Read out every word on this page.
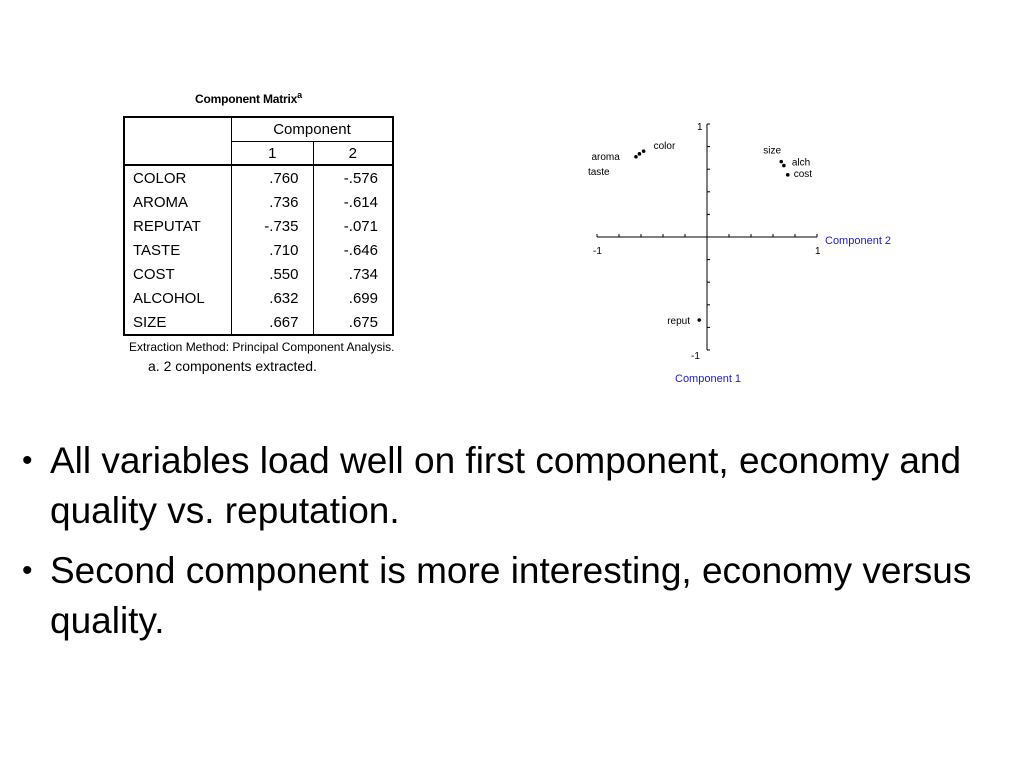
Component Matrix$^a$
	Component	
	1	2
COLOR	.760	-.576
AROMA	.736	-.614
REPUTAT	-.735	-.071
TASTE	.710	-.646
COST	.550	.734
ALCOHOL	.632	.699
SIZE	.667	.675
Extraction Method: Principal Component Analysis.
a. 2 components extracted.
color
aroma
reput
taste	cost
alch
size
Component 2
Component 1
-1	1
1
-1
• All variables load well on first component, economy and quality vs. reputation.
• Second component is more interesting, economy versus quality.
